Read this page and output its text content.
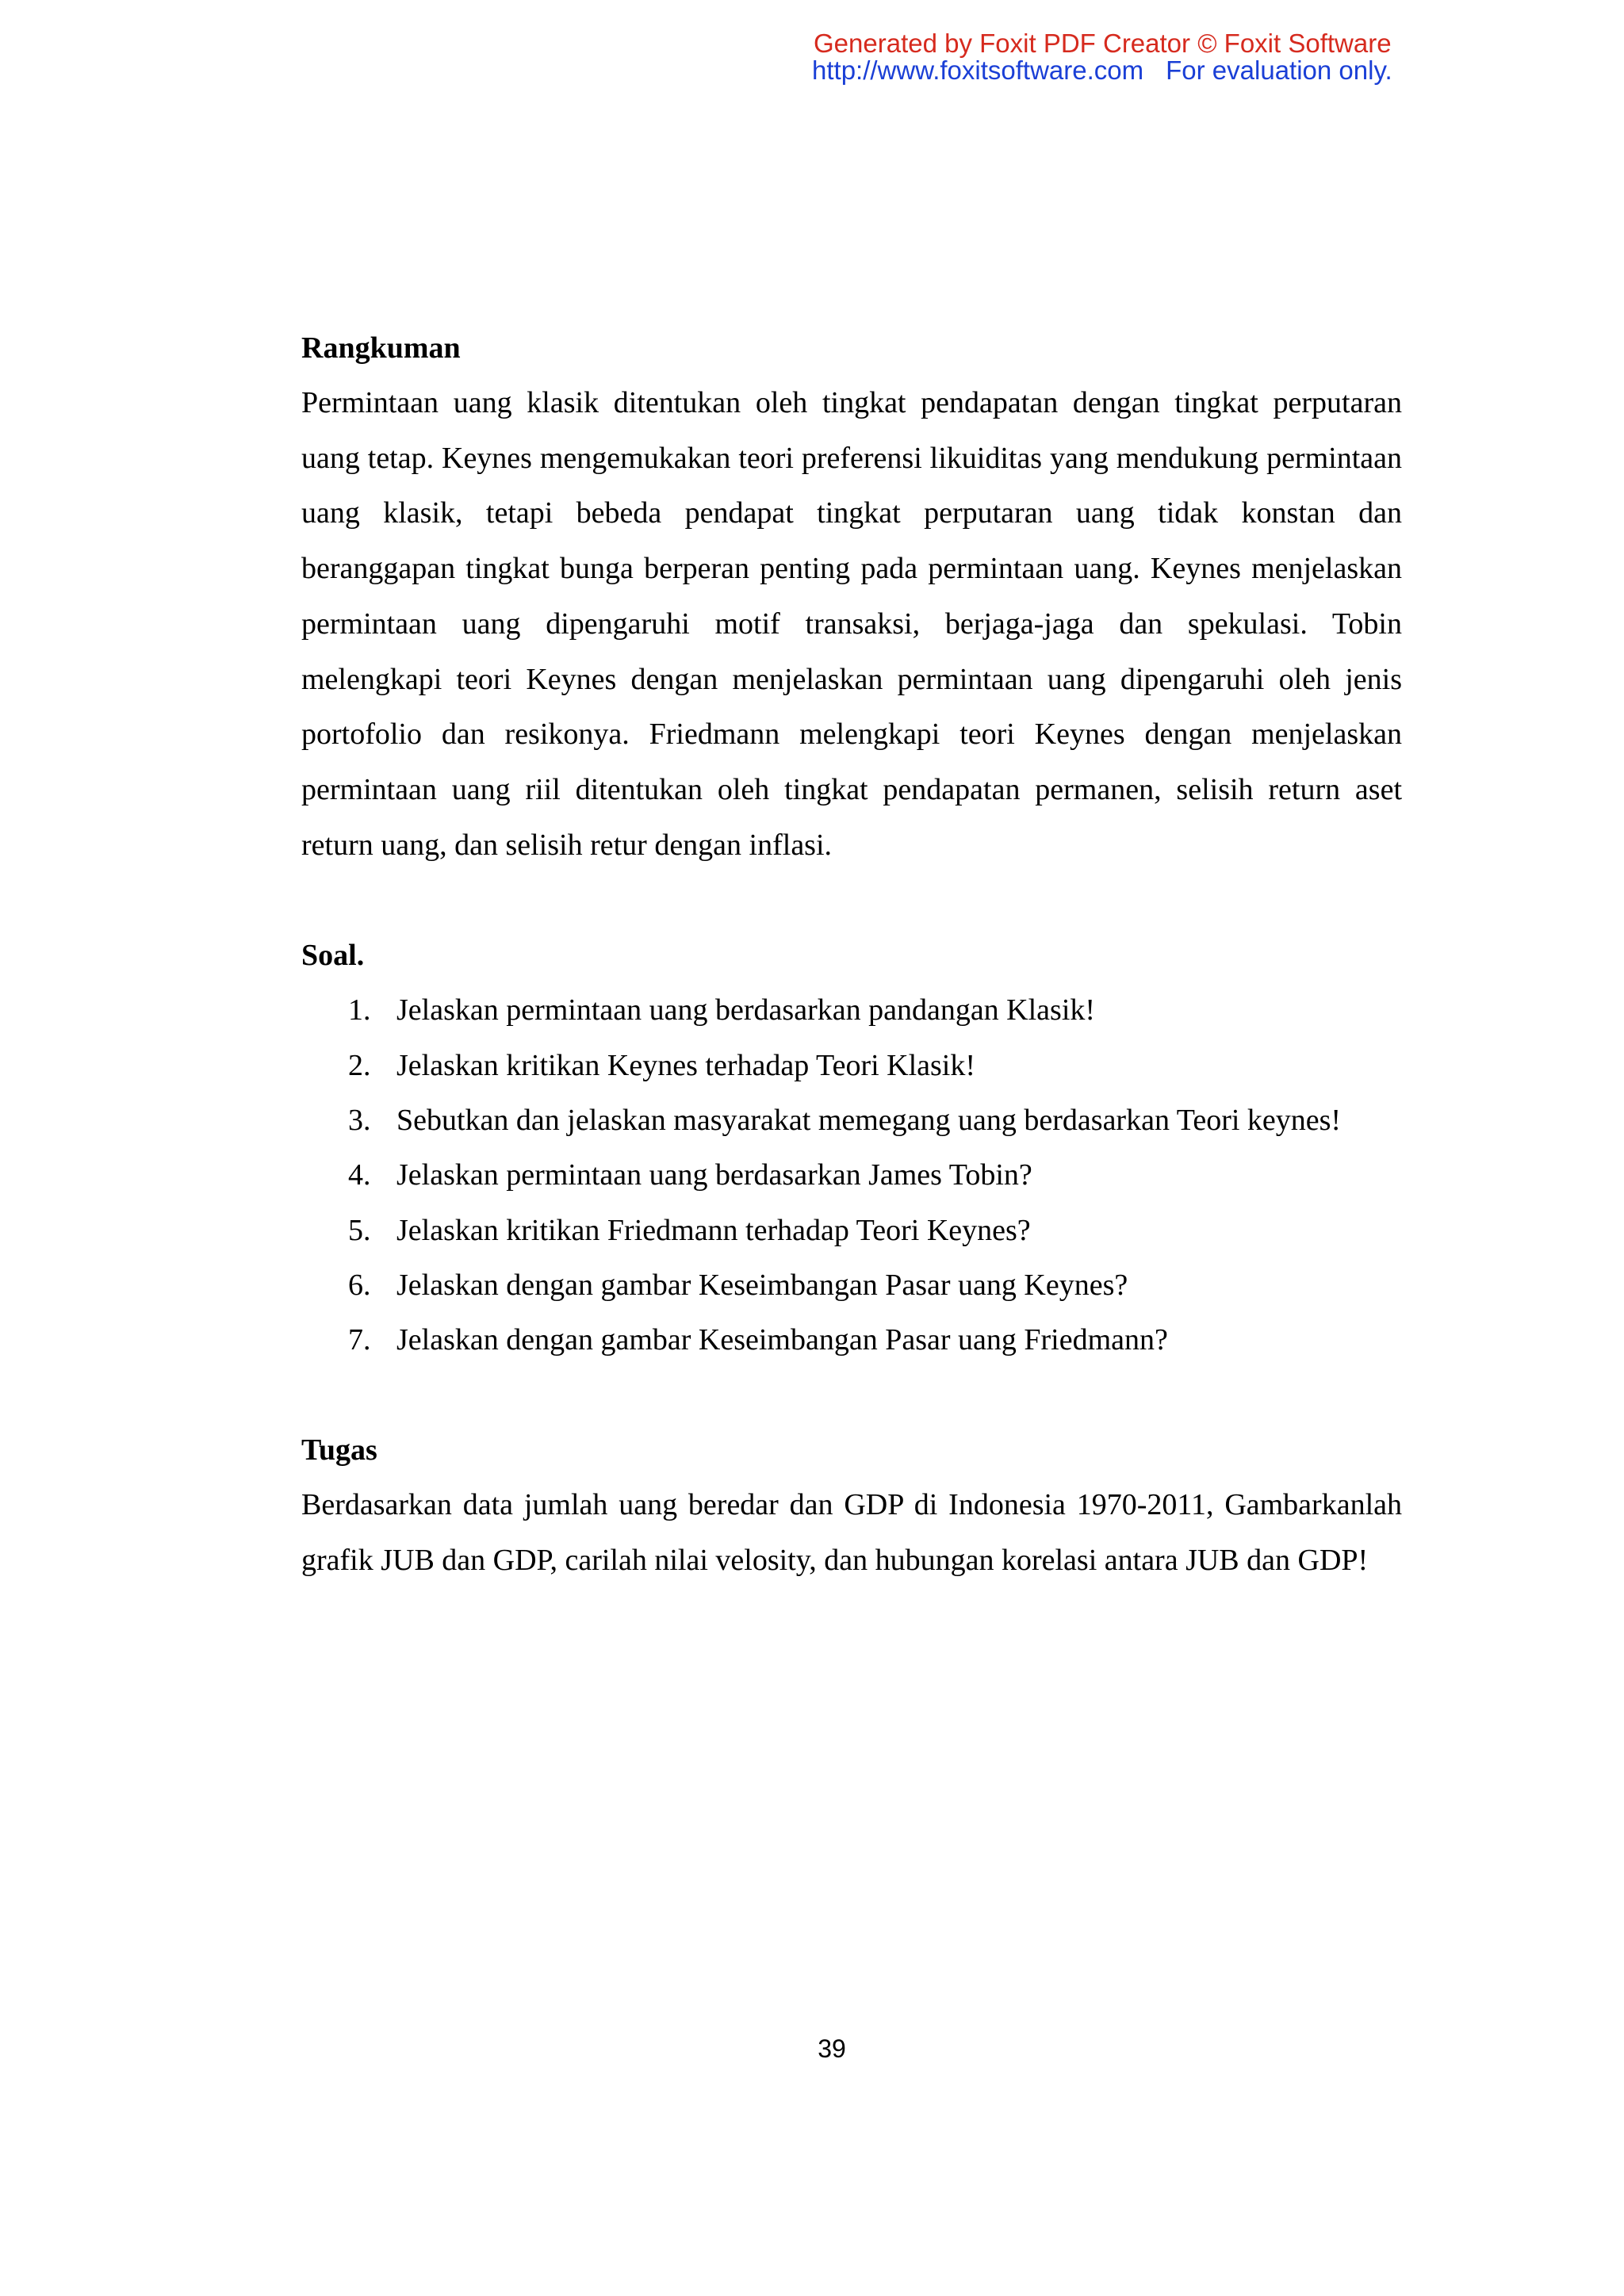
Generated by Foxit PDF Creator © Foxit Software
http://www.foxitsoftware.com For evaluation only.
Rangkuman

Permintaan uang klasik ditentukan oleh tingkat pendapatan dengan tingkat perputaran uang tetap. Keynes mengemukakan teori preferensi likuiditas yang mendukung permintaan uang klasik, tetapi bebeda pendapat tingkat perputaran uang tidak konstan dan beranggapan tingkat bunga berperan penting pada permintaan uang. Keynes menjelaskan permintaan uang dipengaruhi motif transaksi, berjaga-jaga dan spekulasi. Tobin melengkapi teori Keynes dengan menjelaskan permintaan uang dipengaruhi oleh jenis portofolio dan resikonya. Friedmann melengkapi teori Keynes dengan menjelaskan permintaan uang riil ditentukan oleh tingkat pendapatan permanen, selisih return aset return uang, dan selisih retur dengan inflasi.

Soal.
1. Jelaskan permintaan uang berdasarkan pandangan Klasik!
2. Jelaskan kritikan Keynes terhadap Teori Klasik!
3. Sebutkan dan jelaskan masyarakat memegang uang berdasarkan Teori keynes!
4. Jelaskan permintaan uang berdasarkan James Tobin?
5. Jelaskan kritikan Friedmann terhadap Teori Keynes?
6. Jelaskan dengan gambar Keseimbangan Pasar uang Keynes?
7. Jelaskan dengan gambar Keseimbangan Pasar uang Friedmann?
Tugas

Berdasarkan data jumlah uang beredar dan GDP di Indonesia 1970-2011, Gambarkanlah grafik JUB dan GDP, carilah nilai velosity, dan hubungan korelasi antara JUB dan GDP!

39
